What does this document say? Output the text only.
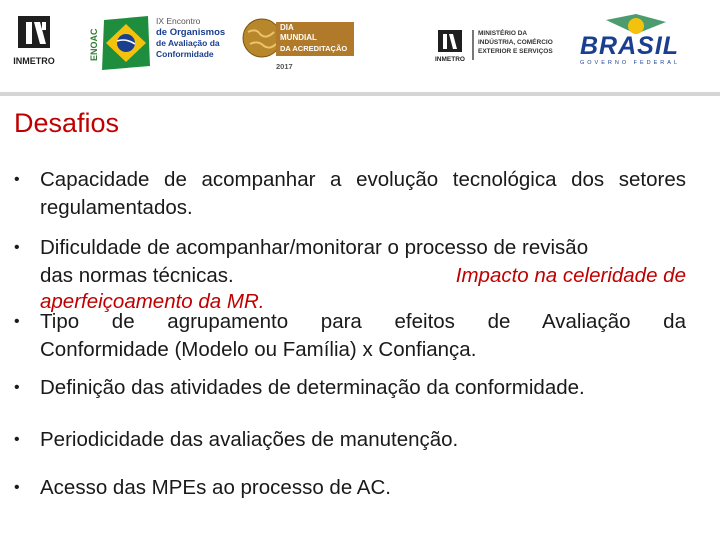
INMETRO	ENOAC
IX Encontro
de Organismos
de Avaliação da
Conformidade
DIA
MUNDIAL
DA ACREDITAÇÃO
2017
INMETRO
MINISTÉRIO DA
INDÚSTRIA, COMÉRCIO
EXTERIOR E SERVIÇOS BRASIL
GOVERNO FEDERAL
Desafios
• Capacidade de acompanhar a evolução tecnológica dos setores regulamentados.
• Dificuldade de acompanhar/monitorar o processo de revisão
das normas técnicas.	Impacto na celeridade de
aperfeiçoamento da MR.
• Tipo de agrupamento para efeitos de Avaliação da
Conformidade (Modelo ou Família) x Confiança.
• Definição das atividades de determinação da conformidade.
• Periodicidade das avaliações de manutenção.
• Acesso das MPEs ao processo de AC.
